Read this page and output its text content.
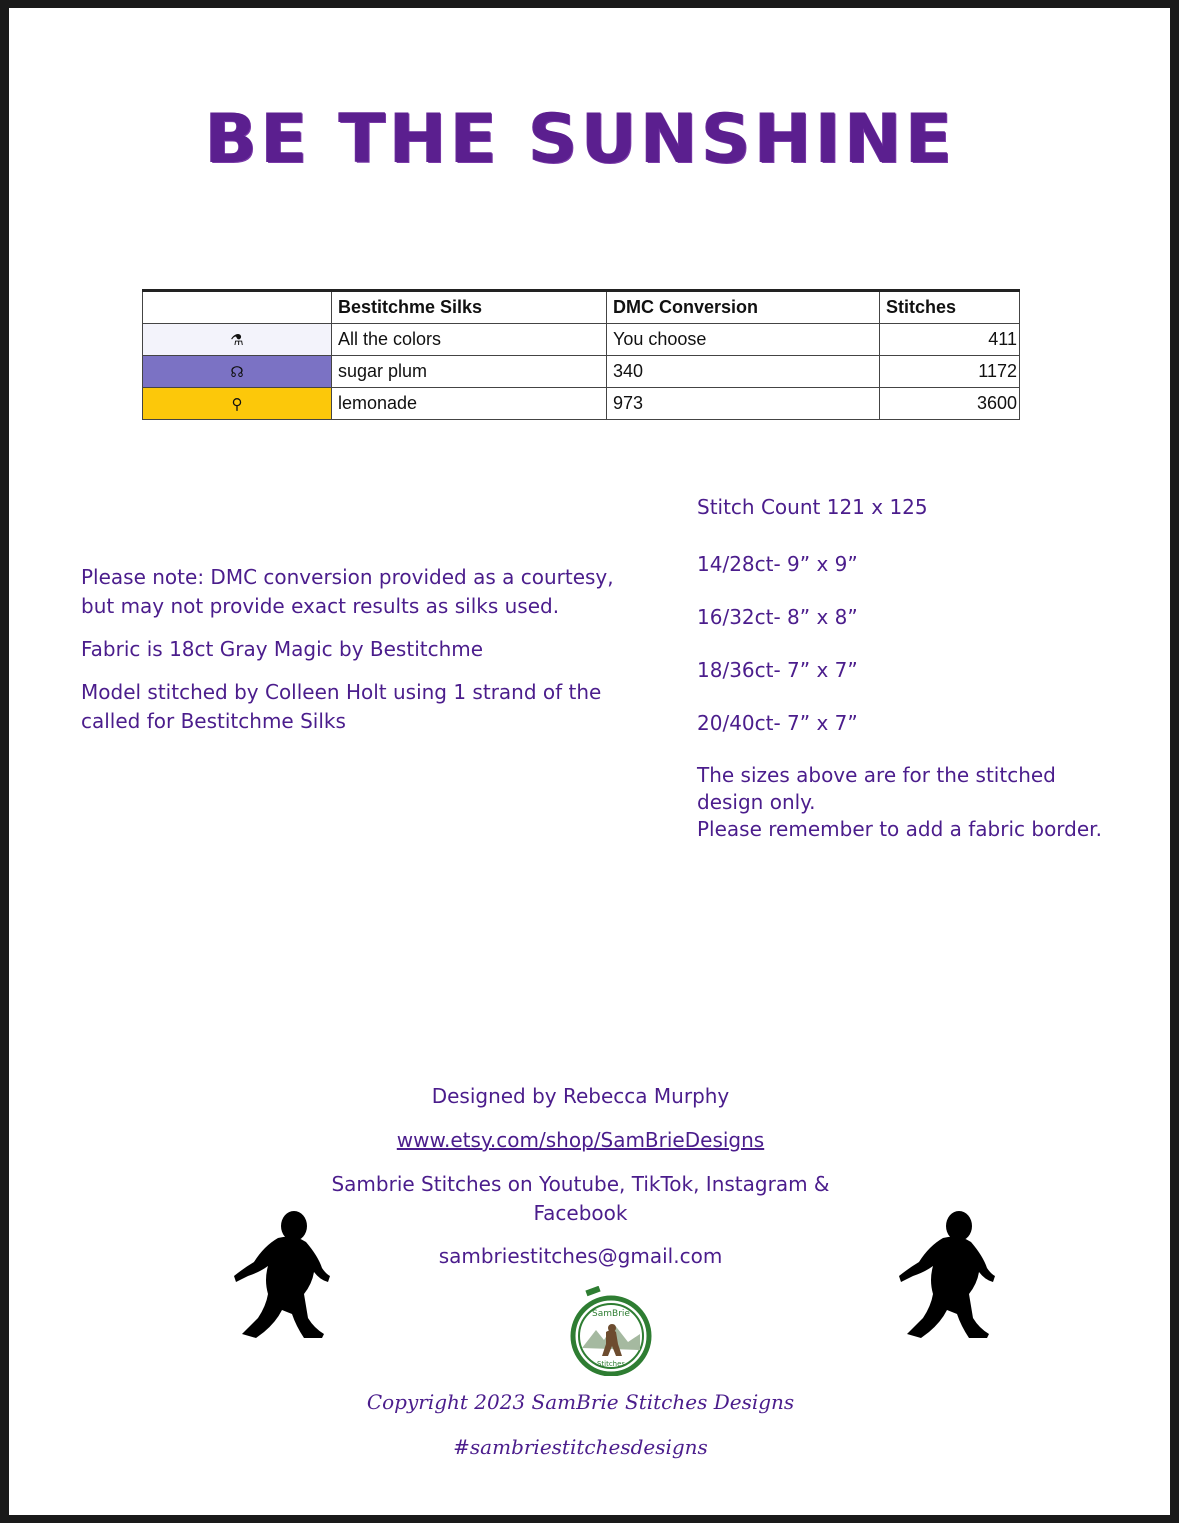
BE THE SUNSHINE
	Bestitchme Silks	DMC Conversion	Stitches
⚗	All the colors	You choose	411
☊	sugar plum	340	1172
⚲	lemonade	973	3600

Please note: DMC conversion provided as a courtesy,
but may not provide exact results as silks used.

Fabric is 18ct Gray Magic by Bestitchme

Model stitched by Colleen Holt using 1 strand of the
called for Bestitchme Silks

Stitch Count 121 x 125

14/28ct- 9” x 9”

16/32ct- 8” x 8”

18/36ct- 7” x 7”

20/40ct- 7” x 7”

The sizes above are for the stitched
design only.
Please remember to add a fabric border.

Designed by Rebecca Murphy
www.etsy.com/shop/SamBrieDesigns
Sambrie Stitches on Youtube, TikTok, Instagram &
Facebook
sambriestitches@gmail.com
SamBrie
Stitches
Copyright 2023 SamBrie Stitches Designs
#sambriestitchesdesigns
